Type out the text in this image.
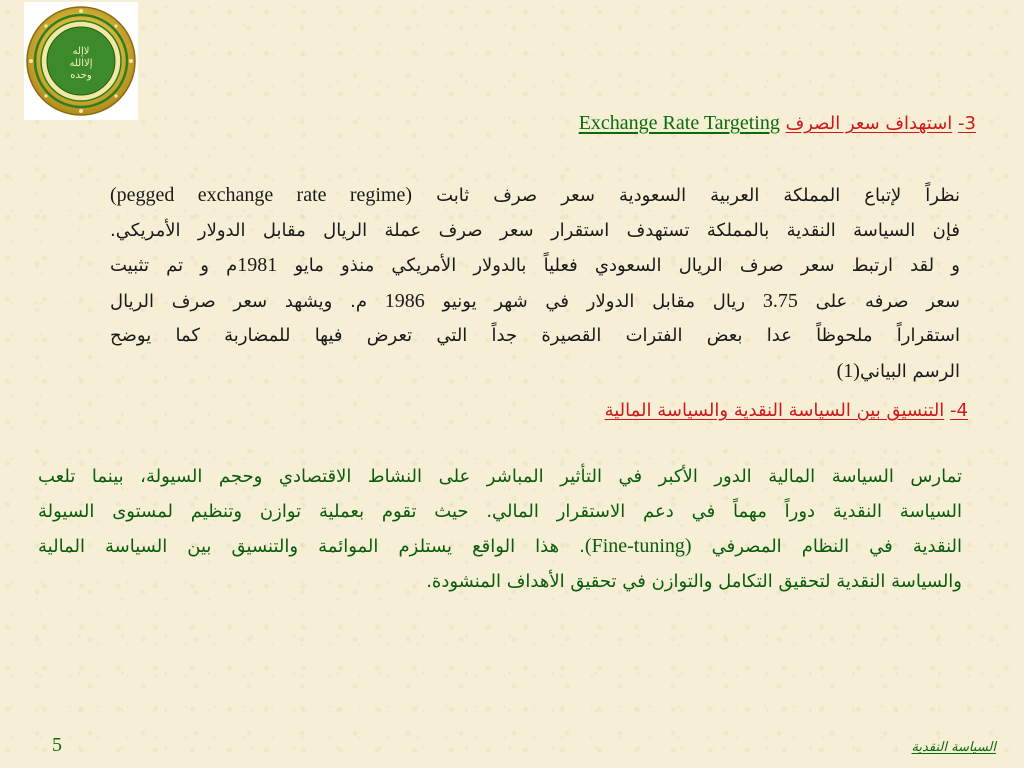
لاإله
إلاالله
وحده
3- استهداف سعر الصرف Exchange Rate Targeting
نظراً لإتباع المملكة العربية السعودية سعر صرف ثابت (pegged exchange rate regime)
فإن السياسة النقدية بالمملكة تستهدف استقرار سعر صرف عملة الريال مقابل الدولار الأمريكي.
و لقد ارتبط سعر صرف الريال السعودي فعلياً بالدولار الأمريكي منذو مايو 1981م و تم تثبيت
سعر صرفه على 3.75 ريال مقابل الدولار في شهر يونيو 1986 م. ويشهد سعر صرف الريال
استقراراً ملحوظاً عدا بعض الفترات القصيرة جداً التي تعرض فيها للمضاربة كما يوضح
الرسم البياني(1)
4- التنسيق بين السياسة النقدية والسياسة المالية
تمارس السياسة المالية الدور الأكبر في التأثير المباشر على النشاط الاقتصادي وحجم السيولة، بينما تلعب
السياسة النقدية دوراً مهماً في دعم الاستقرار المالي. حيث تقوم بعملية توازن وتنظيم لمستوى السيولة
النقدية في النظام المصرفي (Fine-tuning). هذا الواقع يستلزم الموائمة والتنسيق بين السياسة المالية
والسياسة النقدية لتحقيق التكامل والتوازن في تحقيق الأهداف المنشودة.
5	السياسة النقدية
